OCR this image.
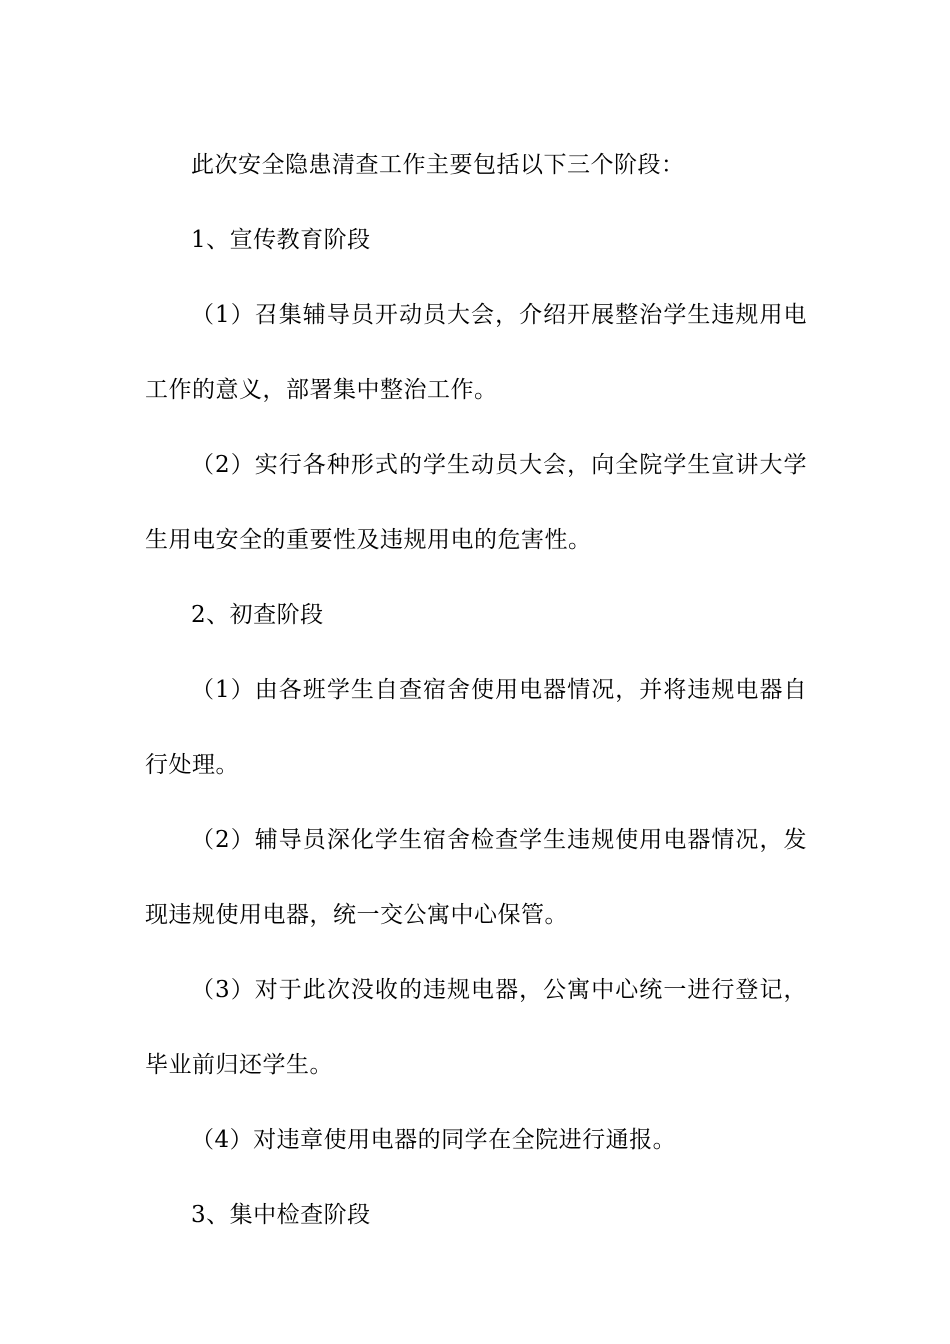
此次安全隐患清查工作主要包括以下三个阶段：

1、宣传教育阶段

（1）召集辅导员开动员大会，介绍开展整治学生违规用电工作的意义，部署集中整治工作。

（2）实行各种形式的学生动员大会，向全院学生宣讲大学生用电安全的重要性及违规用电的危害性。

2、初查阶段

（1）由各班学生自查宿舍使用电器情况，并将违规电器自行处理。

（2）辅导员深化学生宿舍检查学生违规使用电器情况，发现违规使用电器，统一交公寓中心保管。

（3）对于此次没收的违规电器，公寓中心统一进行登记，毕业前归还学生。

（4）对违章使用电器的同学在全院进行通报。

3、集中检查阶段
